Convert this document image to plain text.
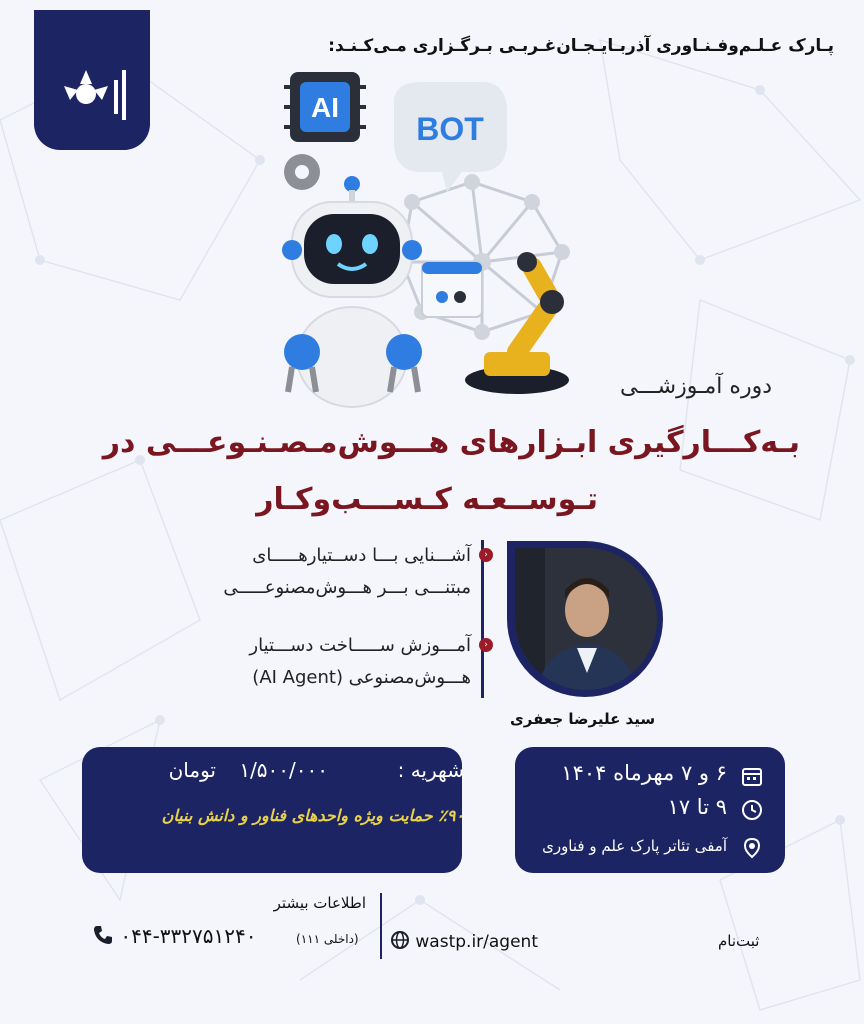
پـارک عـلـم‌وفـنـاوری آذربـایـجـان‌غـربـی بـرگـزاری مـی‌کـنـد:
AI
BOT
دوره آمـوزشـــی
بـه‌کـــارگیری ابـزارهای هـــوش‌مـصـنـوعـــی در
تـوســعـه کـســـب‌وکـار
‹
آشـــنایی بـــا دســتیارهـــــای
مبتنـــی بـــر هـــوش‌مصنوعـــــی
‹
آمـــوزش ســـــاخت دســـتیار
هـــوش‌مصنوعی (AI Agent)
سید علیرضا جعفری
شهریه :
۱/۵۰۰/۰۰۰
تومان
٪۹۰ حمایت ویژه واحدهای فناور و دانش بنیان
۶ و ۷ مهرماه ۱۴۰۴
۹ تا ۱۷
آمفی تئاتر پارک علم و فناوری
اطلاعات بیشتر
۰۴۴-۳۳۲۷۵۱۲۴۰	(داخلی ۱۱۱)	wastp.ir/agent	ثبت‌نام
